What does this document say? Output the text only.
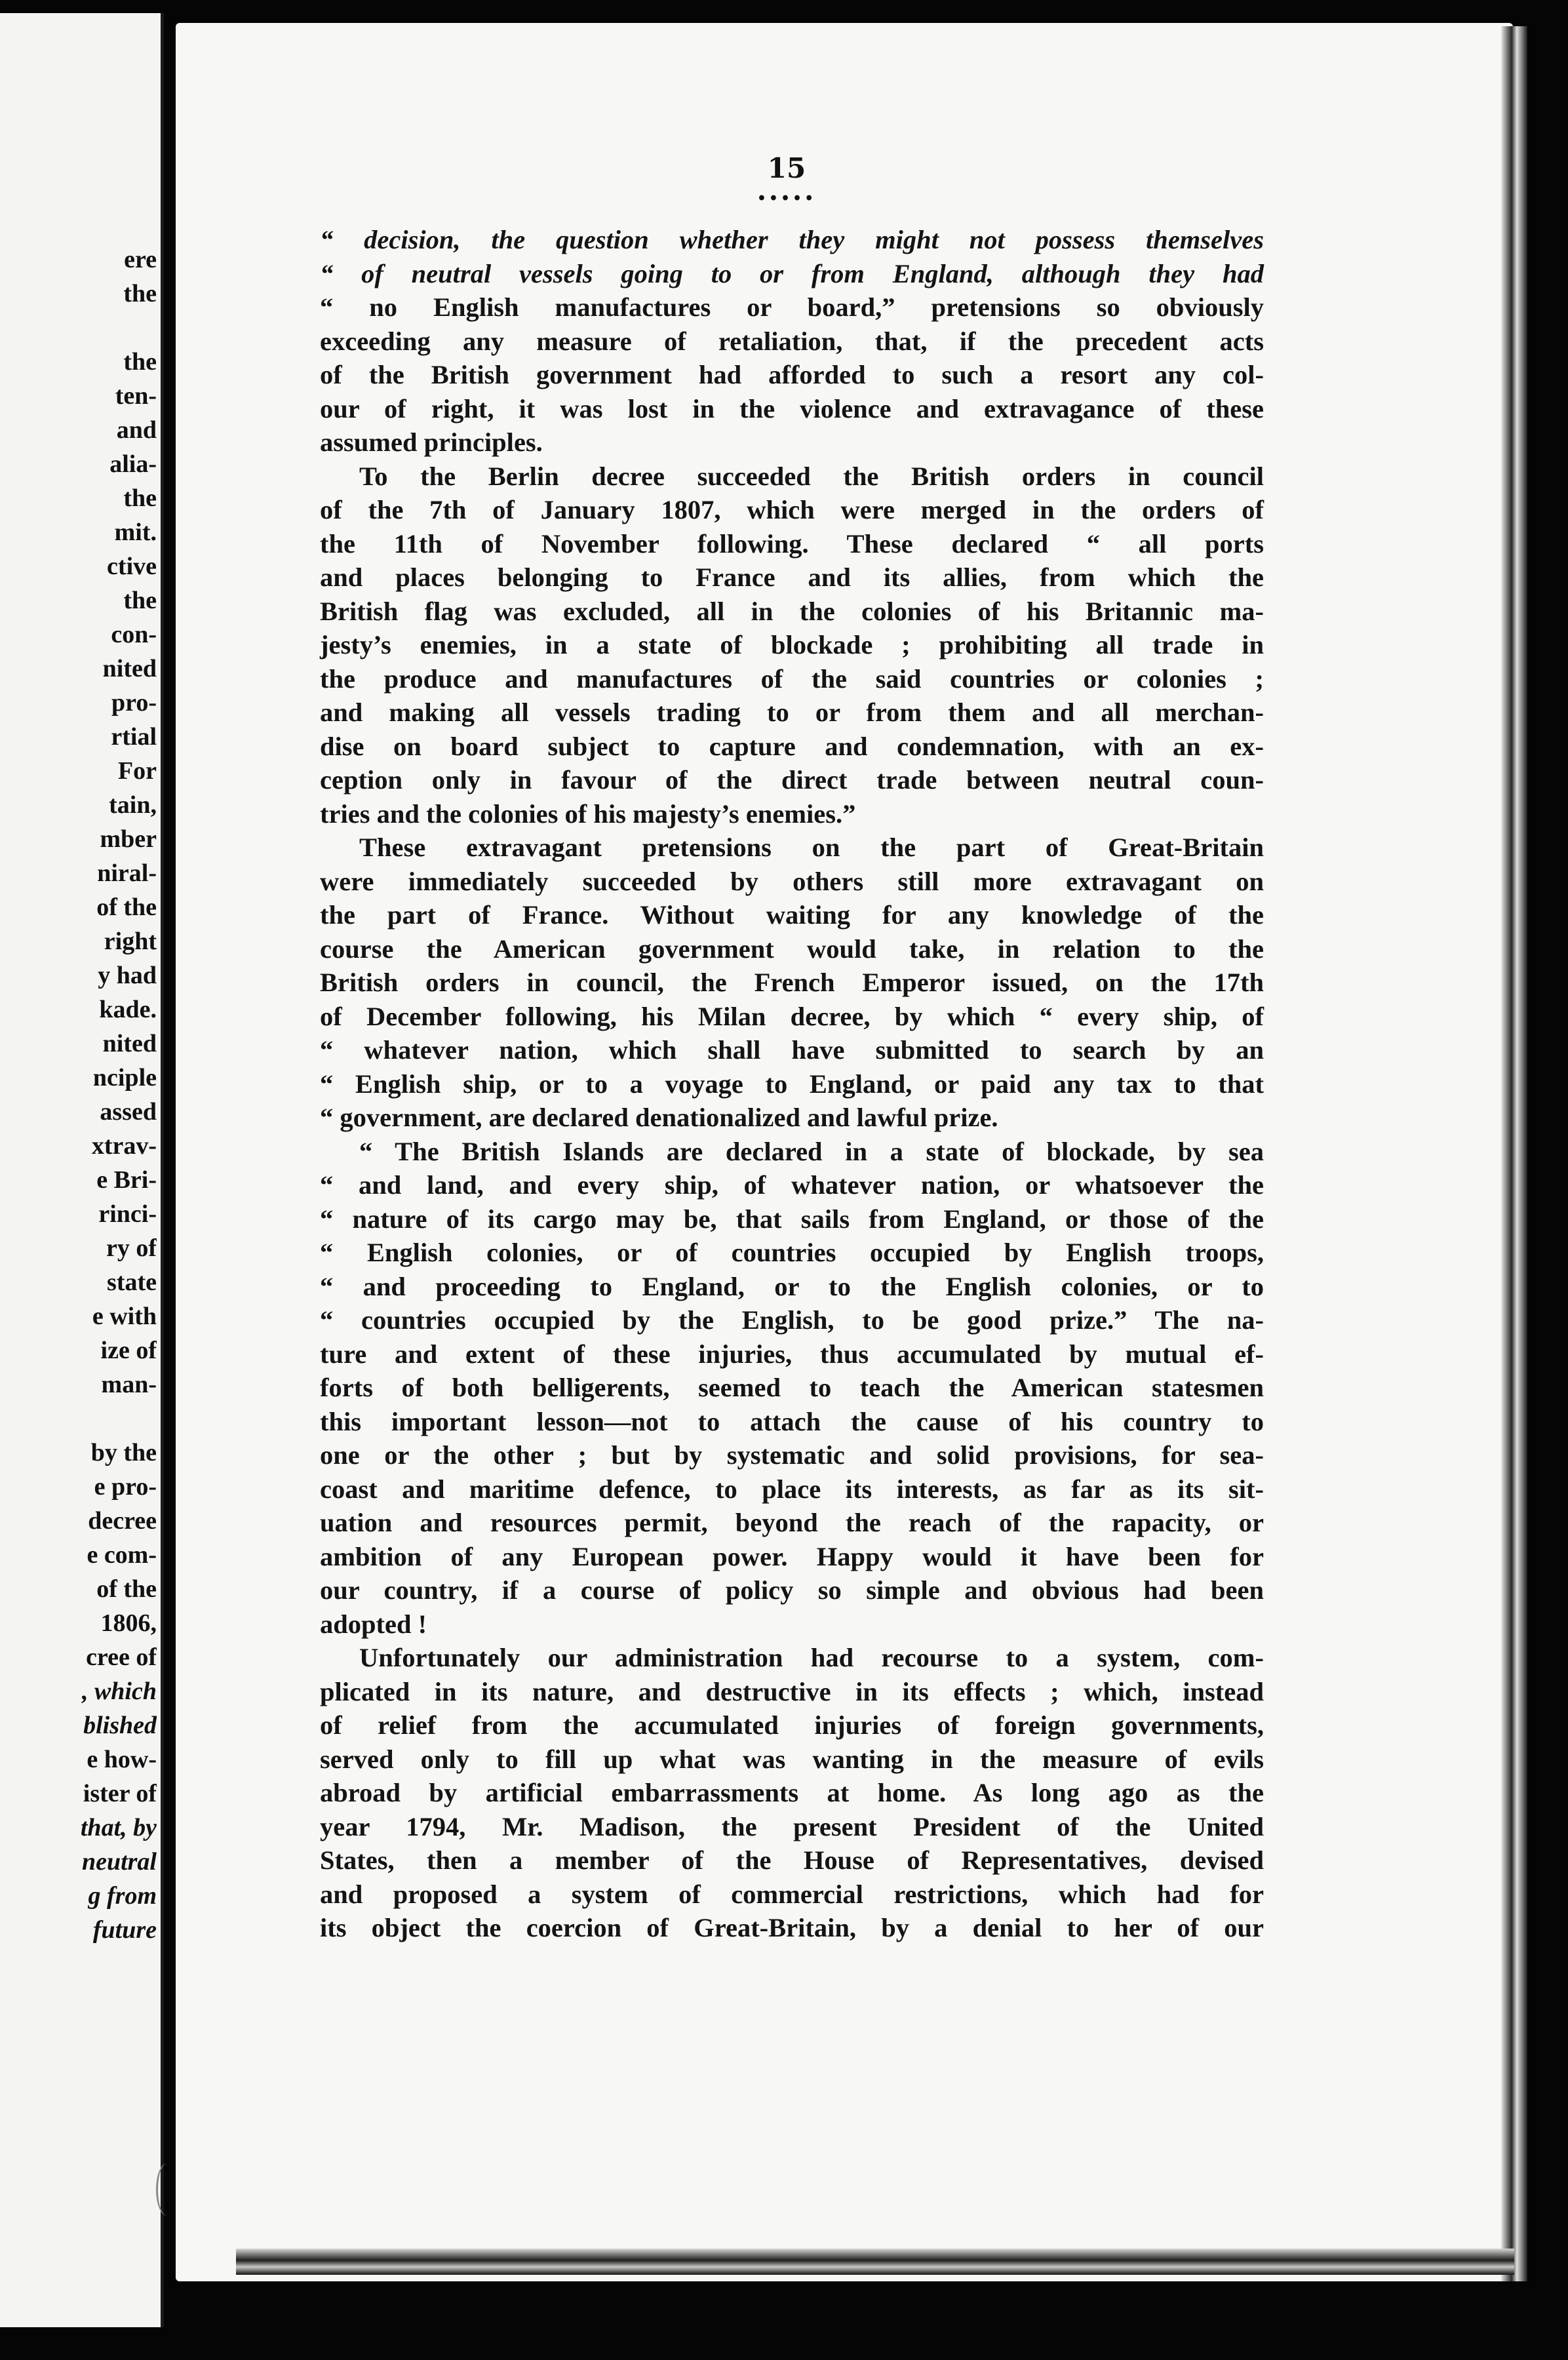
ere
the
the
ten-
and
alia-
the
mit.
ctive
the
con-
nited
pro-
rtial
For
tain,
mber
niral-
of the
right
y had
kade.
nited
nciple
assed
xtrav-
e Bri-
rinci-
ry of
state
e with
ize of
man-
by the
e pro-
decree
e com-
of the
1806,
cree of
, which
blished
e how-
ister of
that, by
neutral
g from
future
15
•••••
“ decision, the question whether they might not possess themselves
“ of neutral vessels going to or from England, although they had
“ no English manufactures or board,” pretensions so obviously
exceeding any measure of retaliation, that, if the precedent acts
of the British government had afforded to such a resort any col-
our of right, it was lost in the violence and extravagance of these
assumed principles.
To the Berlin decree succeeded the British orders in council
of the 7th of January 1807, which were merged in the orders of
the 11th of November following. These declared “ all ports
and places belonging to France and its allies, from which the
British flag was excluded, all in the colonies of his Britannic ma-
jesty’s enemies, in a state of blockade ; prohibiting all trade in
the produce and manufactures of the said countries or colonies ;
and making all vessels trading to or from them and all merchan-
dise on board subject to capture and condemnation, with an ex-
ception only in favour of the direct trade between neutral coun-
tries and the colonies of his majesty’s enemies.”
These extravagant pretensions on the part of Great-Britain
were immediately succeeded by others still more extravagant on
the part of France. Without waiting for any knowledge of the
course the American government would take, in relation to the
British orders in council, the French Emperor issued, on the 17th
of December following, his Milan decree, by which “ every ship, of
“ whatever nation, which shall have submitted to search by an
“ English ship, or to a voyage to England, or paid any tax to that
“ government, are declared denationalized and lawful prize.
“ The British Islands are declared in a state of blockade, by sea
“ and land, and every ship, of whatever nation, or whatsoever the
“ nature of its cargo may be, that sails from England, or those of the
“ English colonies, or of countries occupied by English troops,
“ and proceeding to England, or to the English colonies, or to
“ countries occupied by the English, to be good prize.” The na-
ture and extent of these injuries, thus accumulated by mutual ef-
forts of both belligerents, seemed to teach the American statesmen
this important lesson—not to attach the cause of his country to
one or the other ; but by systematic and solid provisions, for sea-
coast and maritime defence, to place its interests, as far as its sit-
uation and resources permit, beyond the reach of the rapacity, or
ambition of any European power. Happy would it have been for
our country, if a course of policy so simple and obvious had been
adopted !
Unfortunately our administration had recourse to a system, com-
plicated in its nature, and destructive in its effects ; which, instead
of relief from the accumulated injuries of foreign governments,
served only to fill up what was wanting in the measure of evils
abroad by artificial embarrassments at home. As long ago as the
year 1794, Mr. Madison, the present President of the United
States, then a member of the House of Representatives, devised
and proposed a system of commercial restrictions, which had for
its object the coercion of Great-Britain, by a denial to her of our
